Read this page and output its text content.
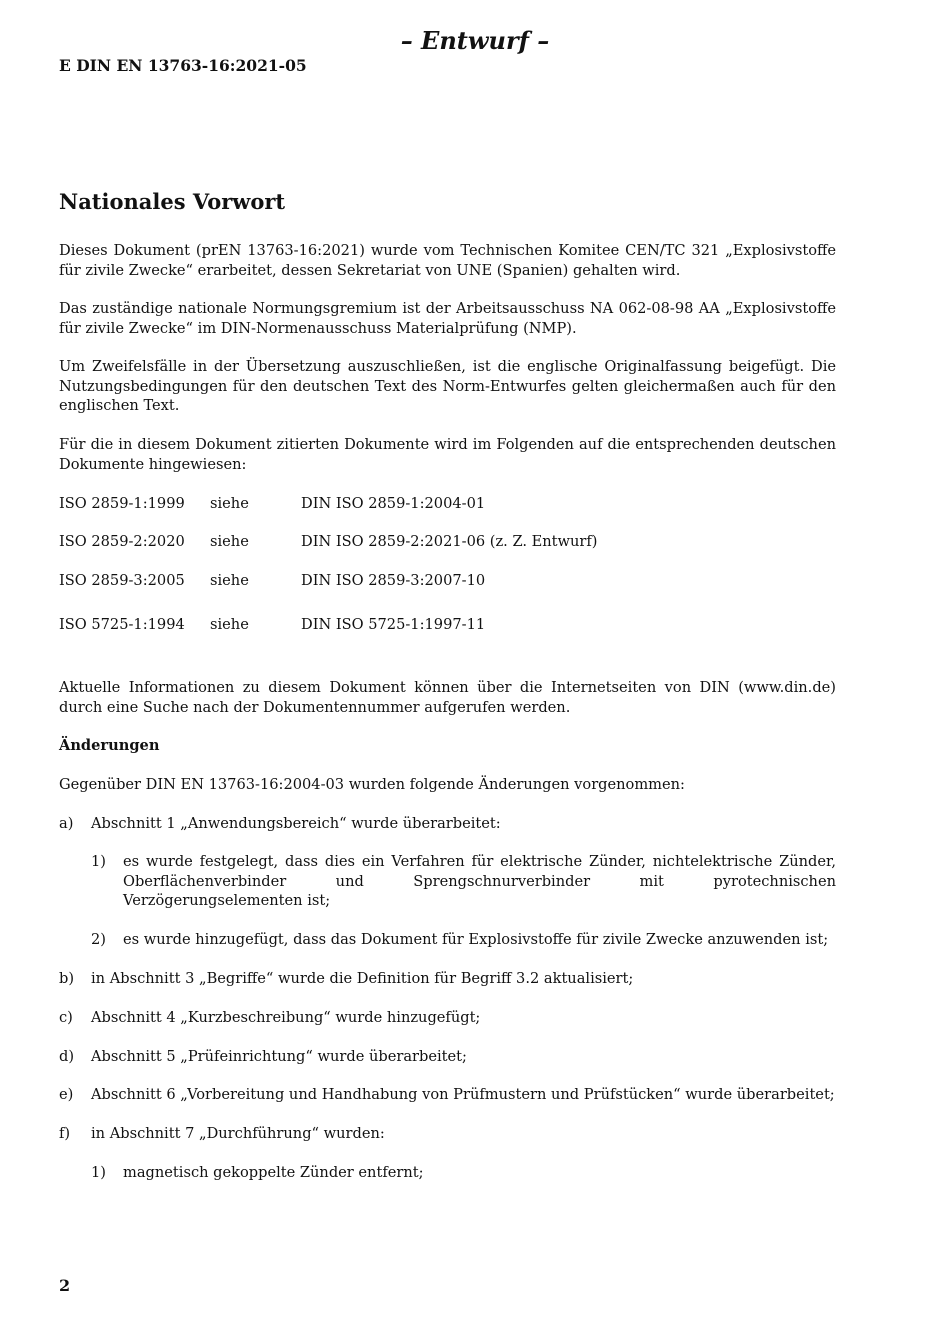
– Entwurf –
E DIN EN 13763-16:2021-05
Nationales Vorwort

Dieses Dokument (prEN 13763-16:2021) wurde vom Technischen Komitee CEN/TC 321 „Explosivstoffe für zivile Zwecke“ erarbeitet, dessen Sekretariat von UNE (Spanien) gehalten wird.

Das zuständige nationale Normungsgremium ist der Arbeitsausschuss NA 062-08-98 AA „Explosivstoffe für zivile Zwecke“ im DIN-Normenausschuss Materialprüfung (NMP).

Um Zweifelsfälle in der Übersetzung auszuschließen, ist die englische Originalfassung beigefügt. Die Nutzungsbedingungen für den deutschen Text des Norm-Entwurfes gelten gleichermaßen auch für den englischen Text.

Für die in diesem Dokument zitierten Dokumente wird im Folgenden auf die entsprechenden deutschen Dokumente hingewiesen:

ISO 2859-1:1999 siehe	DIN ISO 2859-1:2004-01
ISO 2859-2:2020 siehe	DIN ISO 2859-2:2021-06 (z. Z. Entwurf)
ISO 2859-3:2005 siehe	DIN ISO 2859-3:2007-10
ISO 5725-1:1994 siehe	DIN ISO 5725-1:1997-11

Aktuelle Informationen zu diesem Dokument können über die Internetseiten von DIN (www.din.de) durch eine Suche nach der Dokumentennummer aufgerufen werden.

Änderungen

Gegenüber DIN EN 13763-16:2004-03 wurden folgende Änderungen vorgenommen:

a) Abschnitt 1 „Anwendungsbereich“ wurde überarbeitet:
1) es wurde festgelegt, dass dies ein Verfahren für elektrische Zünder, nichtelektrische Zünder, Oberflächenverbinder und Sprengschnurverbinder mit pyrotechnischen Verzögerungselementen ist;
2) es wurde hinzugefügt, dass das Dokument für Explosivstoffe für zivile Zwecke anzuwenden ist;
b) in Abschnitt 3 „Begriffe“ wurde die Definition für Begriff 3.2 aktualisiert;
c) Abschnitt 4 „Kurzbeschreibung“ wurde hinzugefügt;
d) Abschnitt 5 „Prüfeinrichtung“ wurde überarbeitet;
e) Abschnitt 6 „Vorbereitung und Handhabung von Prüfmustern und Prüfstücken“ wurde überarbeitet;
f) in Abschnitt 7 „Durchführung“ wurden:
1) magnetisch gekoppelte Zünder entfernt;
2
